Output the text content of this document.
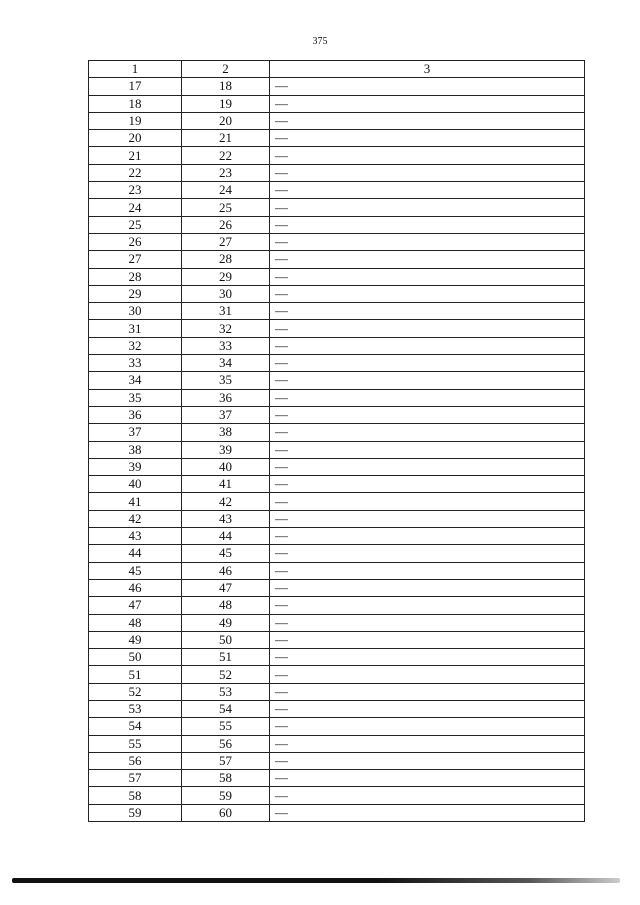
375
1	2	3
17	18	—
18	19	—
19	20	—
20	21	—
21	22	—
22	23	—
23	24	—
24	25	—
25	26	—
26	27	—
27	28	—
28	29	—
29	30	—
30	31	—
31	32	—
32	33	—
33	34	—
34	35	—
35	36	—
36	37	—
37	38	—
38	39	—
39	40	—
40	41	—
41	42	—
42	43	—
43	44	—
44	45	—
45	46	—
46	47	—
47	48	—
48	49	—
49	50	—
50	51	—
51	52	—
52	53	—
53	54	—
54	55	—
55	56	—
56	57	—
57	58	—
58	59	—
59	60	—
